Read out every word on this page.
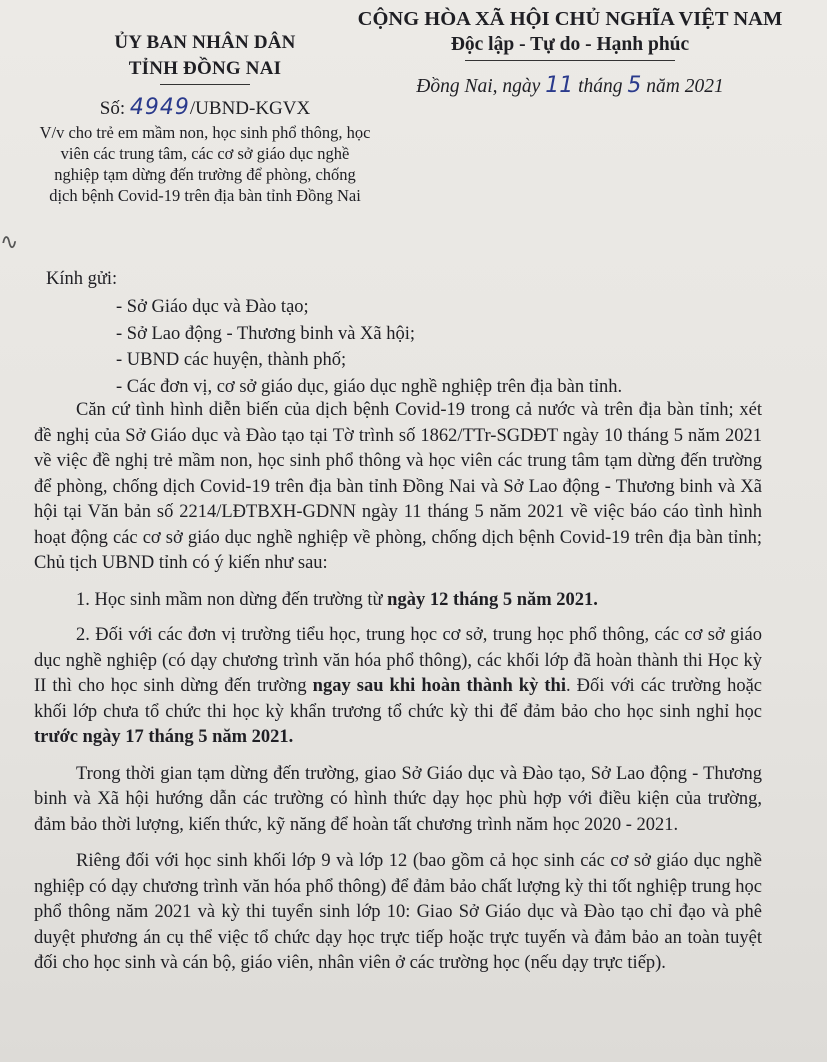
∿
ỦY BAN NHÂN DÂN
TỈNH ĐỒNG NAI
Số: 4949/UBND-KGVX
V/v cho trẻ em mầm non, học sinh phổ thông, học viên các trung tâm, các cơ sở giáo dục nghề nghiệp tạm dừng đến trường để phòng, chống dịch bệnh Covid-19 trên địa bàn tỉnh Đồng Nai
CỘNG HÒA XÃ HỘI CHỦ NGHĨA VIỆT NAM
Độc lập - Tự do - Hạnh phúc
Đồng Nai, ngày 11 tháng 5 năm 2021
Kính gửi:
- Sở Giáo dục và Đào tạo;
- Sở Lao động - Thương binh và Xã hội;
- UBND các huyện, thành phố;
- Các đơn vị, cơ sở giáo dục, giáo dục nghề nghiệp trên địa bàn tỉnh.

Căn cứ tình hình diễn biến của dịch bệnh Covid-19 trong cả nước và trên địa bàn tỉnh; xét đề nghị của Sở Giáo dục và Đào tạo tại Tờ trình số 1862/TTr-SGDĐT ngày 10 tháng 5 năm 2021 về việc đề nghị trẻ mầm non, học sinh phổ thông và học viên các trung tâm tạm dừng đến trường để phòng, chống dịch Covid-19 trên địa bàn tỉnh Đồng Nai và Sở Lao động - Thương binh và Xã hội tại Văn bản số 2214/LĐTBXH-GDNN ngày 11 tháng 5 năm 2021 về việc báo cáo tình hình hoạt động các cơ sở giáo dục nghề nghiệp về phòng, chống dịch bệnh Covid-19 trên địa bàn tỉnh; Chủ tịch UBND tỉnh có ý kiến như sau:

1. Học sinh mầm non dừng đến trường từ ngày 12 tháng 5 năm 2021.

2. Đối với các đơn vị trường tiểu học, trung học cơ sở, trung học phổ thông, các cơ sở giáo dục nghề nghiệp (có dạy chương trình văn hóa phổ thông), các khối lớp đã hoàn thành thi Học kỳ II thì cho học sinh dừng đến trường ngay sau khi hoàn thành kỳ thi. Đối với các trường hoặc khối lớp chưa tổ chức thi học kỳ khẩn trương tổ chức kỳ thi để đảm bảo cho học sinh nghỉ học trước ngày 17 tháng 5 năm 2021.

Trong thời gian tạm dừng đến trường, giao Sở Giáo dục và Đào tạo, Sở Lao động - Thương binh và Xã hội hướng dẫn các trường có hình thức dạy học phù hợp với điều kiện của trường, đảm bảo thời lượng, kiến thức, kỹ năng để hoàn tất chương trình năm học 2020 - 2021.

Riêng đối với học sinh khối lớp 9 và lớp 12 (bao gồm cả học sinh các cơ sở giáo dục nghề nghiệp có dạy chương trình văn hóa phổ thông) để đảm bảo chất lượng kỳ thi tốt nghiệp trung học phổ thông năm 2021 và kỳ thi tuyển sinh lớp 10: Giao Sở Giáo dục và Đào tạo chỉ đạo và phê duyệt phương án cụ thể việc tổ chức dạy học trực tiếp hoặc trực tuyến và đảm bảo an toàn tuyệt đối cho học sinh và cán bộ, giáo viên, nhân viên ở các trường học (nếu dạy trực tiếp).
